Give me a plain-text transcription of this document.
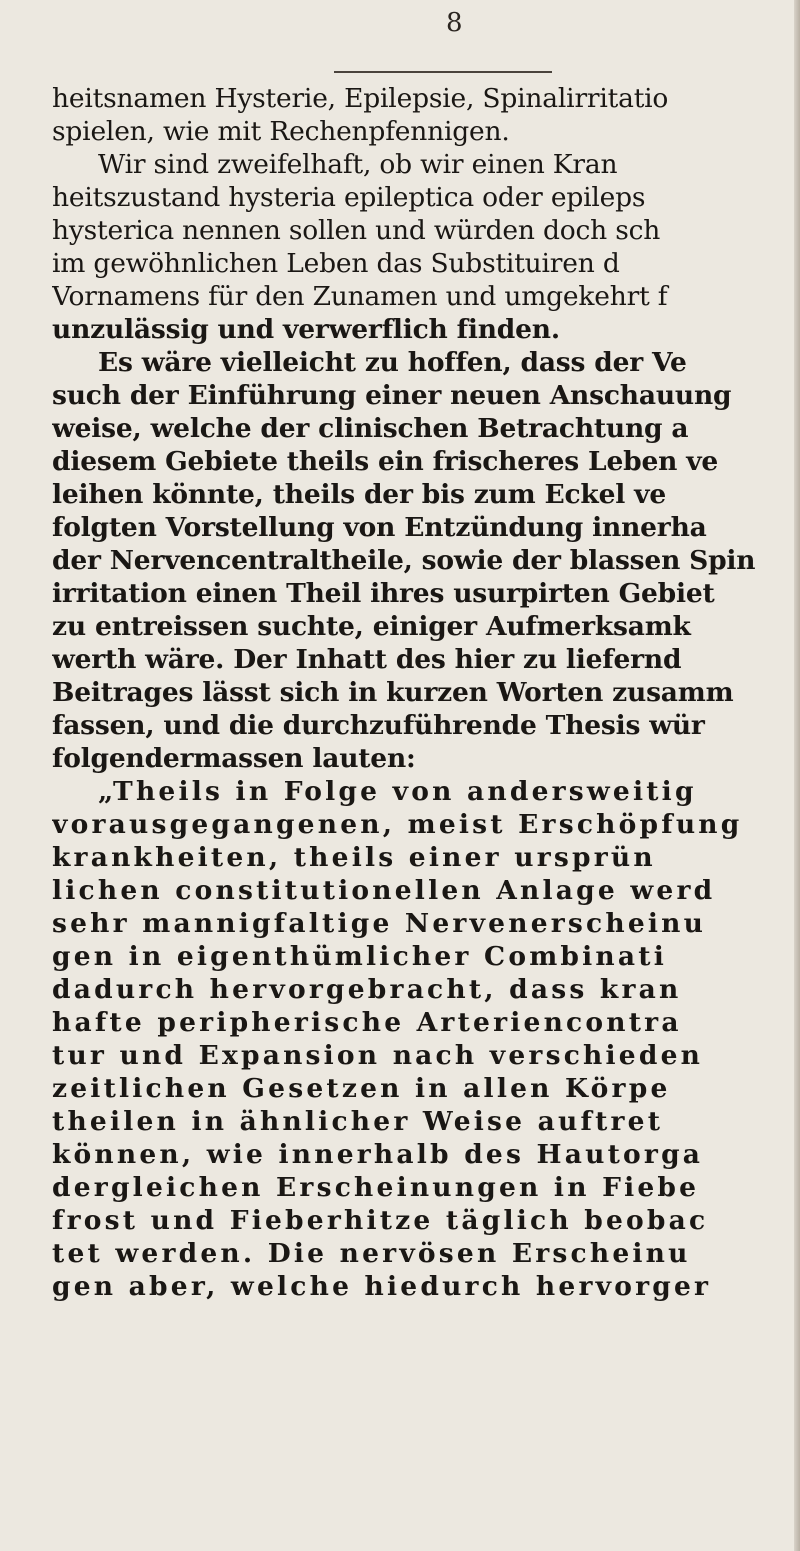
8
heitsnamen Hysterie, Epilepsie, Spinalirritatio
spielen, wie mit Rechenpfennigen.
Wir sind zweifelhaft, ob wir einen Kran
heitszustand hysteria epileptica oder epileps
hysterica nennen sollen und würden doch sch
im gewöhnlichen Leben das Substituiren d
Vornamens für den Zunamen und umgekehrt f
unzulässig und verwerflich finden.
Es wäre vielleicht zu hoffen, dass der Ve
such der Einführung einer neuen Anschauung
weise, welche der clinischen Betrachtung a
diesem Gebiete theils ein frischeres Leben ve
leihen könnte, theils der bis zum Eckel ve
folgten Vorstellung von Entzündung innerha
der Nervencentraltheile, sowie der blassen Spin
irritation einen Theil ihres usurpirten Gebiet
zu entreissen suchte, einiger Aufmerksamk
werth wäre. Der Inhatt des hier zu liefernd
Beitrages lässt sich in kurzen Worten zusamm
fassen, und die durchzuführende Thesis wür
folgendermassen lauten:
„Theils in Folge von andersweitig
vorausgegangenen, meist Erschöpfung
krankheiten, theils einer ursprün
lichen constitutionellen Anlage werd
sehr mannigfaltige Nervenerscheinu
gen in eigenthümlicher Combinati
dadurch hervorgebracht, dass kran
hafte peripherische Arteriencontra
tur und Expansion nach verschieden
zeitlichen Gesetzen in allen Körpe
theilen in ähnlicher Weise auftret
können, wie innerhalb des Hautorga
dergleichen Erscheinungen in Fiebe
frost und Fieberhitze täglich beobac
tet werden. Die nervösen Erscheinu
gen aber, welche hiedurch hervorger
